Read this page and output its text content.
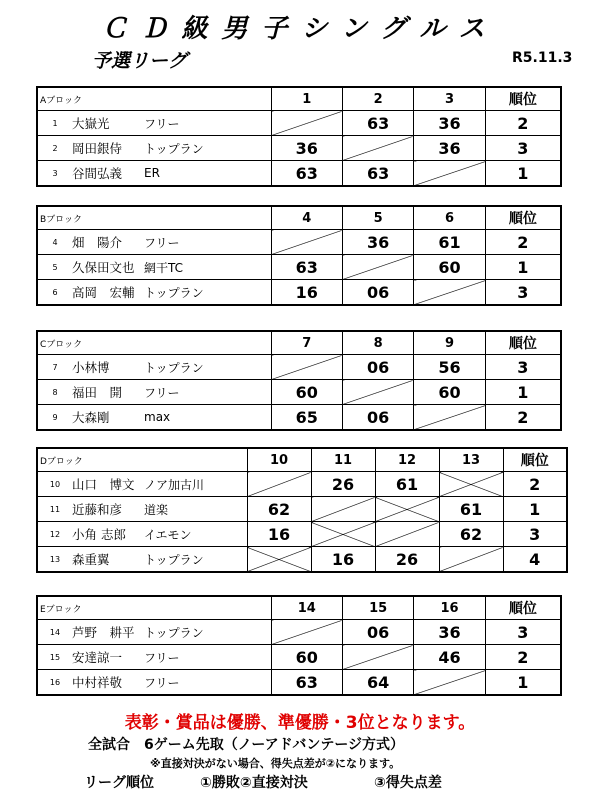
ＣＤ級男子シングルス
予選リーグ	R5.11.3
Aブロック	1	2	3	順位
1 大嶽光 フリー		63	36	2
2 岡田銀侍 トップラン	36		36	3
3 谷間弘義 ER	63	63		1
Bブロック	4	5	6	順位
4 畑　陽介 フリー		36	61	2
5 久保田文也 網干TC	63		60	1
6 高岡　宏輔 トップラン	16	06		3
Cブロック	7	8	9	順位
7 小林博 トップラン		06	56	3
8 福田　開 フリー	60		60	1
9 大森剛 max	65	06		2
Dブロック	10	11	12	13	順位
10 山口　博文 ノア加古川		26	61		2
11 近藤和彦 道楽	62			61	1
12 小角 志郎 イエモン	16			62	3
13 森重翼 トップラン		16	26		4
Eブロック	14	15	16	順位
14 芦野　耕平 トップラン		06	36	3
15 安達諒一 フリー	60		46	2
16 中村祥敬 フリー	63	64		1
表彰・賞品は優勝、準優勝・3位となります。
全試合　6ゲーム先取（ノーアドバンテージ方式）
※直接対決がない場合、得失点差が②になります。
リーグ順位	①勝敗②直接対決	③得失点差
